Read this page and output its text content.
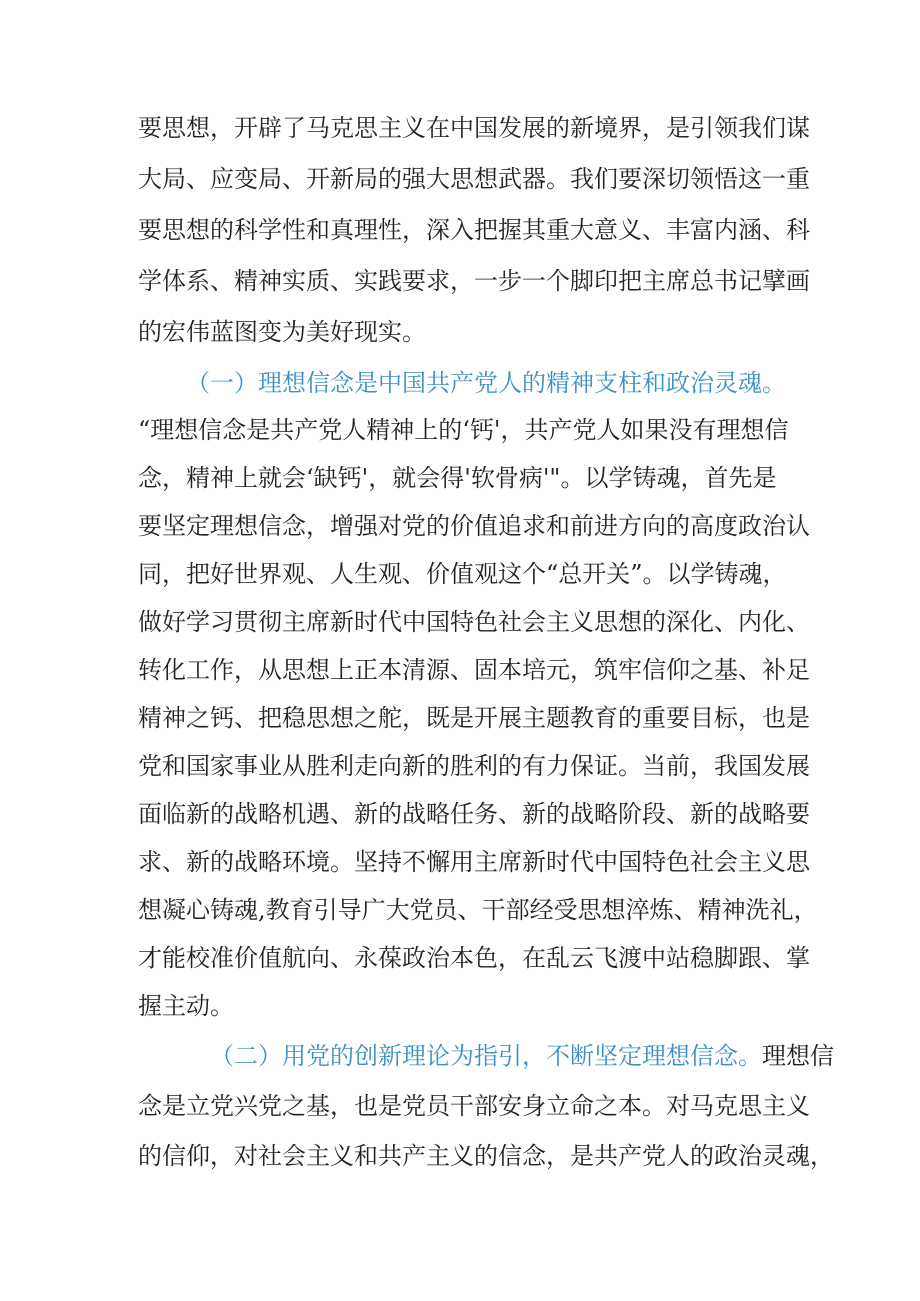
要思想，开辟了马克思主义在中国发展的新境界，是引领我们谋
大局、应变局、开新局的强大思想武器。我们要深切领悟这一重
要思想的科学性和真理性，深入把握其重大意义、丰富内涵、科
学体系、精神实质、实践要求，一步一个脚印把主席总书记擘画
的宏伟蓝图变为美好现实。
（一）理想信念是中国共产党人的精神支柱和政治灵魂。
“理想信念是共产党人精神上的‘钙'，共产党人如果没有理想信
念，精神上就会‘缺钙'，就会得'软骨病'"。以学铸魂，首先是
要坚定理想信念，增强对党的价值追求和前进方向的高度政治认
同，把好世界观、人生观、价值观这个“总开关”。以学铸魂，
做好学习贯彻主席新时代中国特色社会主义思想的深化、内化、
转化工作，从思想上正本清源、固本培元，筑牢信仰之基、补足
精神之钙、把稳思想之舵，既是开展主题教育的重要目标，也是
党和国家事业从胜利走向新的胜利的有力保证。当前，我国发展
面临新的战略机遇、新的战略任务、新的战略阶段、新的战略要
求、新的战略环境。坚持不懈用主席新时代中国特色社会主义思
想凝心铸魂,教育引导广大党员、干部经受思想淬炼、精神洗礼，
才能校准价值航向、永葆政治本色，在乱云飞渡中站稳脚跟、掌
握主动。
（二）用党的创新理论为指引，不断坚定理想信念。理想信
念是立党兴党之基，也是党员干部安身立命之本。对马克思主义
的信仰，对社会主义和共产主义的信念，是共产党人的政治灵魂，
